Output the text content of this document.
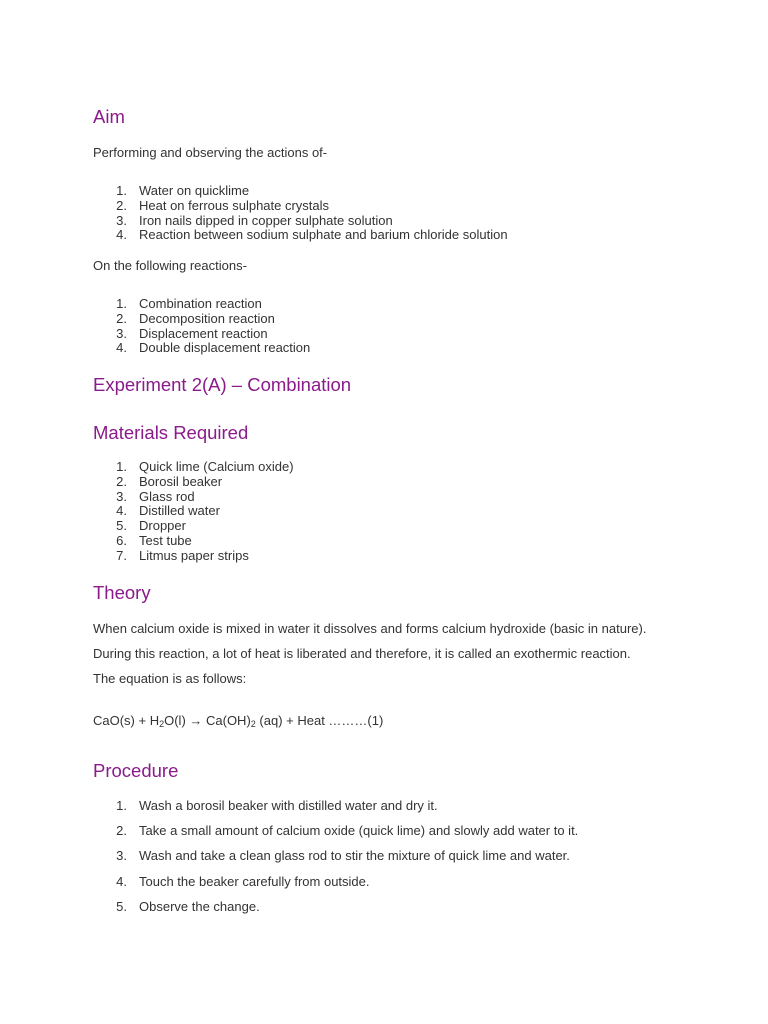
Aim

Performing and observing the actions of-

1. Water on quicklime
2. Heat on ferrous sulphate crystals
3. Iron nails dipped in copper sulphate solution
4. Reaction between sodium sulphate and barium chloride solution

On the following reactions-

1. Combination reaction
2. Decomposition reaction
3. Displacement reaction
4. Double displacement reaction
Experiment 2(A) – Combination
Materials Required
1. Quick lime (Calcium oxide)
2. Borosil beaker
3. Glass rod
4. Distilled water
5. Dropper
6. Test tube
7. Litmus paper strips
Theory

When calcium oxide is mixed in water it dissolves and forms calcium hydroxide (basic in nature).

During this reaction, a lot of heat is liberated and therefore, it is called an exothermic reaction.

The equation is as follows:

$CaO(s) + H_2O(l) \to Ca(OH)_2$ (aq) + Heat ………(1)
Procedure
1. Wash a borosil beaker with distilled water and dry it.
2. Take a small amount of calcium oxide (quick lime) and slowly add water to it.
3. Wash and take a clean glass rod to stir the mixture of quick lime and water.
4. Touch the beaker carefully from outside.
5. Observe the change.
